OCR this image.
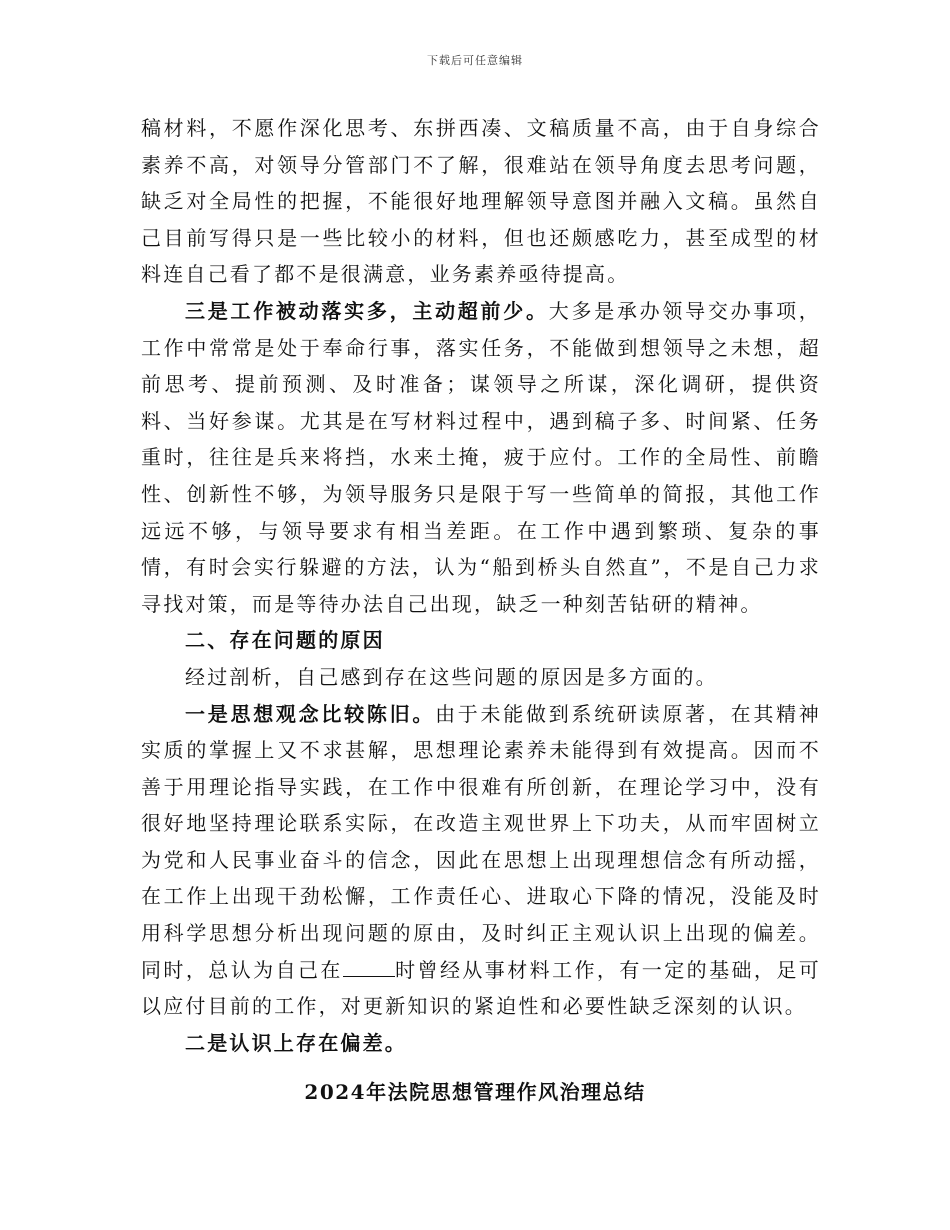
下载后可任意编辑

稿材料，不愿作深化思考、东拼西凑、文稿质量不高，由于自身综合素养不高，对领导分管部门不了解，很难站在领导角度去思考问题，缺乏对全局性的把握，不能很好地理解领导意图并融入文稿。虽然自己目前写得只是一些比较小的材料，但也还颇感吃力，甚至成型的材料连自己看了都不是很满意，业务素养亟待提高。

三是工作被动落实多，主动超前少。大多是承办领导交办事项，工作中常常是处于奉命行事，落实任务，不能做到想领导之未想，超前思考、提前预测、及时准备；谋领导之所谋，深化调研，提供资料、当好参谋。尤其是在写材料过程中，遇到稿子多、时间紧、任务重时，往往是兵来将挡，水来土掩，疲于应付。工作的全局性、前瞻性、创新性不够，为领导服务只是限于写一些简单的简报，其他工作远远不够，与领导要求有相当差距。在工作中遇到繁琐、复杂的事情，有时会实行躲避的方法，认为“船到桥头自然直”，不是自己力求寻找对策，而是等待办法自己出现，缺乏一种刻苦钻研的精神。

二、存在问题的原因

经过剖析，自己感到存在这些问题的原因是多方面的。

一是思想观念比较陈旧。由于未能做到系统研读原著，在其精神实质的掌握上又不求甚解，思想理论素养未能得到有效提高。因而不善于用理论指导实践，在工作中很难有所创新，在理论学习中，没有很好地坚持理论联系实际，在改造主观世界上下功夫，从而牢固树立为党和人民事业奋斗的信念，因此在思想上出现理想信念有所动摇，在工作上出现干劲松懈，工作责任心、进取心下降的情况，没能及时用科学思想分析出现问题的原由，及时纠正主观认识上出现的偏差。同时，总认为自己在	时曾经从事材料工作，有一定的基础，足可以应付目前的工作，对更新知识的紧迫性和必要性缺乏深刻的认识。

二是认识上存在偏差。

2024年法院思想管理作风治理总结
